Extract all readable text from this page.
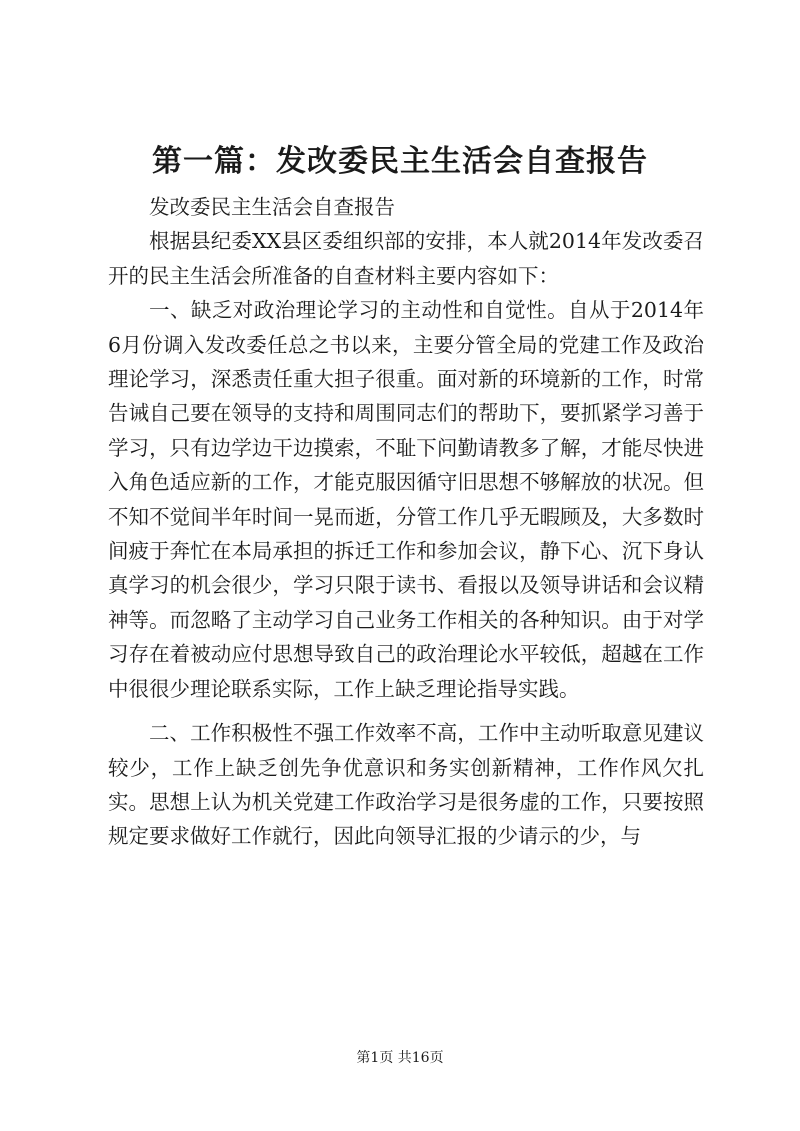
第一篇：发改委民主生活会自查报告

发改委民主生活会自查报告

根据县纪委XX县区委组织部的安排，本人就2014年发改委召开的民主生活会所准备的自查材料主要内容如下：

一、缺乏对政治理论学习的主动性和自觉性。自从于2014年6月份调入发改委任总之书以来，主要分管全局的党建工作及政治理论学习，深悉责任重大担子很重。面对新的环境新的工作，时常告诫自己要在领导的支持和周围同志们的帮助下，要抓紧学习善于学习，只有边学边干边摸索，不耻下问勤请教多了解，才能尽快进入角色适应新的工作，才能克服因循守旧思想不够解放的状况。但不知不觉间半年时间一晃而逝，分管工作几乎无暇顾及，大多数时间疲于奔忙在本局承担的拆迁工作和参加会议，静下心、沉下身认真学习的机会很少，学习只限于读书、看报以及领导讲话和会议精神等。而忽略了主动学习自己业务工作相关的各种知识。由于对学习存在着被动应付思想导致自己的政治理论水平较低，超越在工作中很很少理论联系实际，工作上缺乏理论指导实践。

二、工作积极性不强工作效率不高，工作中主动听取意见建议较少，工作上缺乏创先争优意识和务实创新精神，工作作风欠扎实。思想上认为机关党建工作政治学习是很务虚的工作，只要按照规定要求做好工作就行，因此向领导汇报的少请示的少，与

第1页 共16页
